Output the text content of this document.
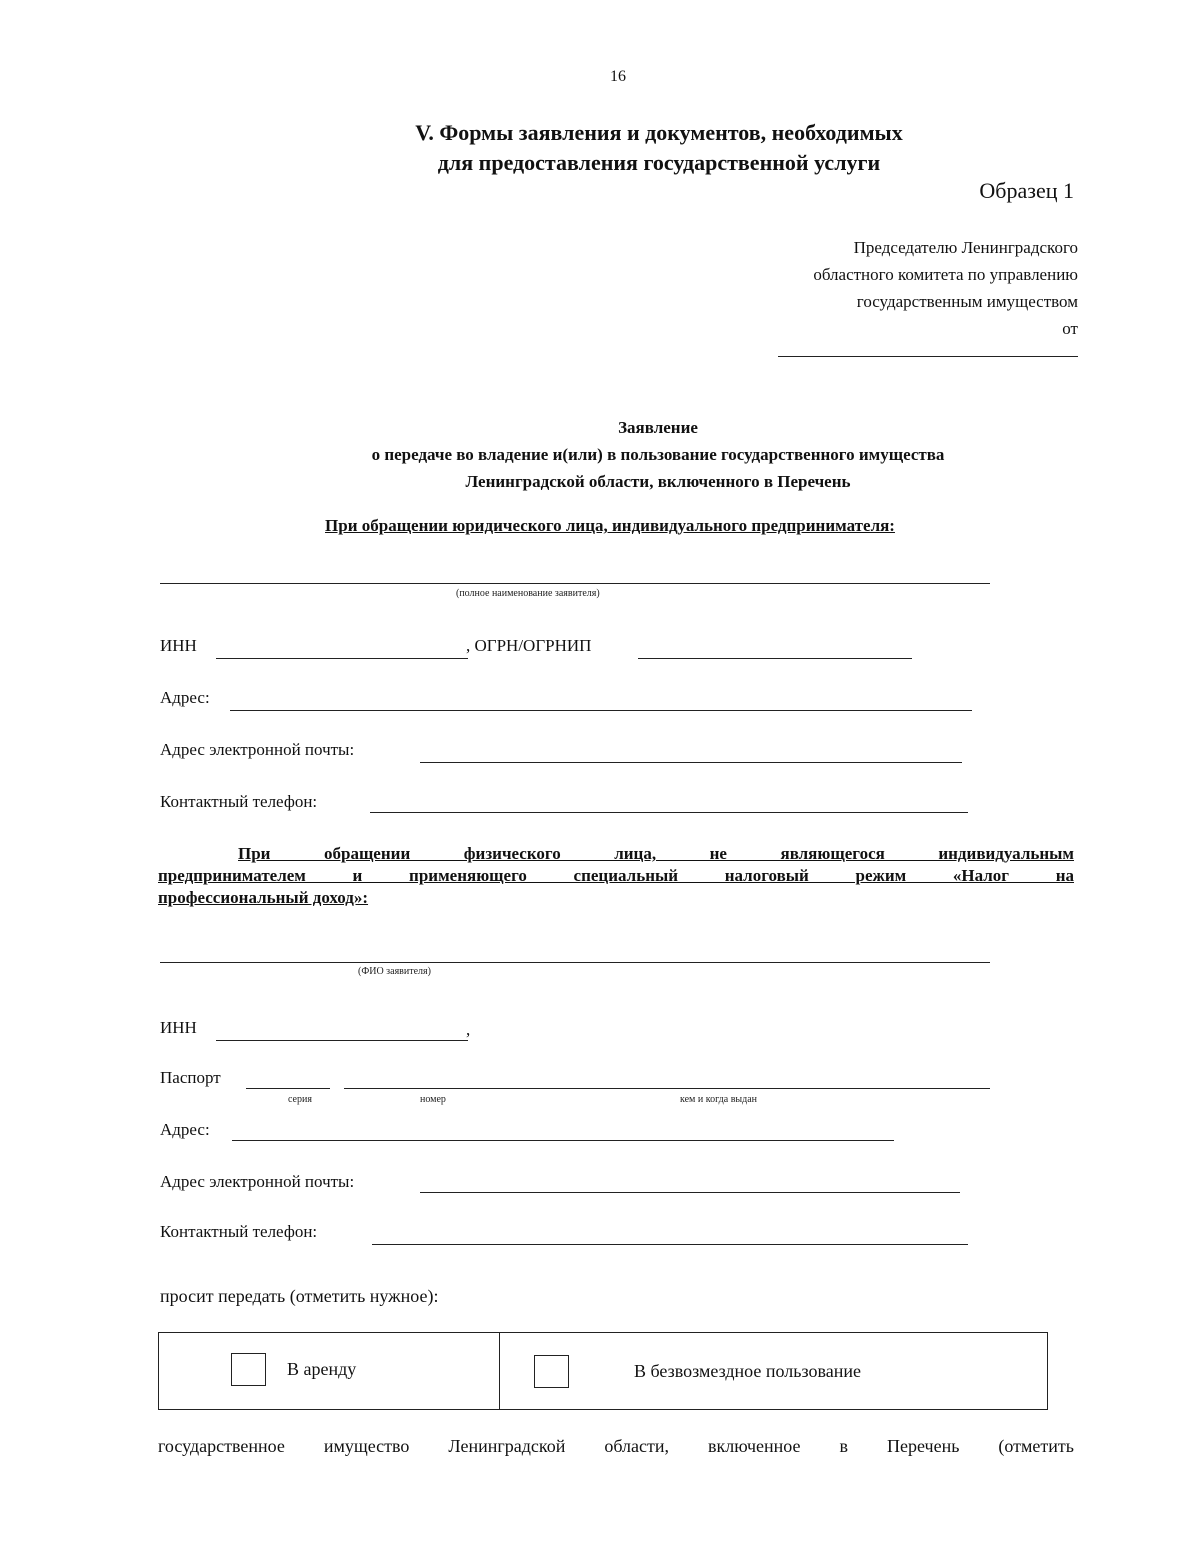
16
V. Формы заявления и документов, необходимых
для предоставления государственной услуги
Образец 1
Председателю Ленинградского
областного комитета по управлению
государственным имуществом
от
Заявление
о передаче во владение и(или) в пользование государственного имущества
Ленинградской области, включенного в Перечень
При обращении юридического лица, индивидуального предпринимателя:
(полное наименование заявителя)
ИНН	, ОГРН/ОГРНИП
Адрес:
Адрес электронной почты:
Контактный телефон:
При обращении физического лица, не являющегося индивидуальным
предпринимателем и применяющего специальный налоговый режим «Налог на
профессиональный доход»:
(ФИО заявителя)
ИНН	,
Паспорт
серия	номер	кем и когда выдан
Адрес:
Адрес электронной почты:
Контактный телефон:
просит передать (отметить нужное):
В аренду	В безвозмездное пользование
государственное имущество Ленинградской области, включенное в Перечень (отметить
